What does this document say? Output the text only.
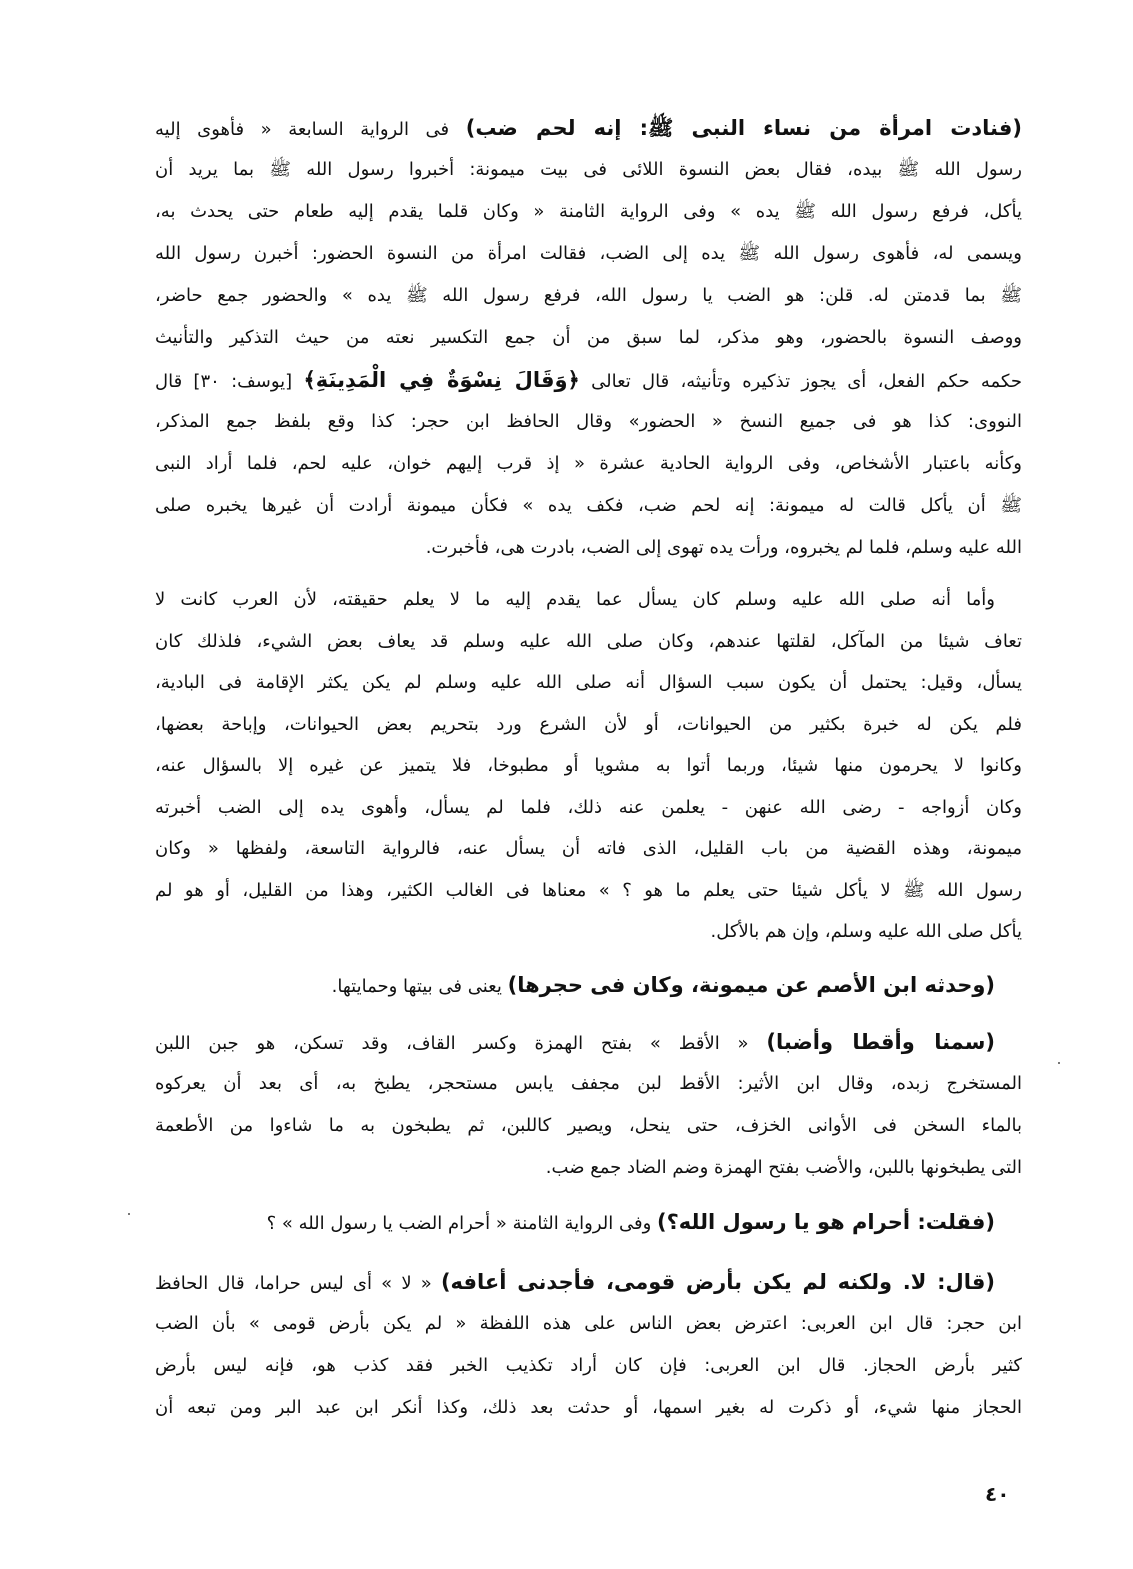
(فنادت امرأة من نساء النبى ﷺ: إنه لحم ضب) فى الرواية السابعة « فأهوى إليه
رسول الله ﷺ بيده، فقال بعض النسوة اللائى فى بيت ميمونة: أخبروا رسول الله ﷺ بما يريد أن
يأكل، فرفع رسول الله ﷺ يده » وفى الرواية الثامنة « وكان قلما يقدم إليه طعام حتى يحدث به،
ويسمى له، فأهوى رسول الله ﷺ يده إلى الضب، فقالت امرأة من النسوة الحضور: أخبرن رسول الله
ﷺ بما قدمتن له. قلن: هو الضب يا رسول الله، فرفع رسول الله ﷺ يده » والحضور جمع حاضر،
ووصف النسوة بالحضور، وهو مذكر، لما سبق من أن جمع التكسير نعته من حيث التذكير والتأنيث
حكمه حكم الفعل، أى يجوز تذكيره وتأنيثه، قال تعالى ﴿وَقَالَ نِسْوَةٌ فِي الْمَدِينَةِ﴾ [يوسف: ٣٠] قال
النووى: كذا هو فى جميع النسخ « الحضور» وقال الحافظ ابن حجر: كذا وقع بلفظ جمع المذكر،
وكأنه باعتبار الأشخاص، وفى الرواية الحادية عشرة « إذ قرب إليهم خوان، عليه لحم، فلما أراد النبى
ﷺ أن يأكل قالت له ميمونة: إنه لحم ضب، فكف يده » فكأن ميمونة أرادت أن غيرها يخبره صلى
الله عليه وسلم، فلما لم يخبروه، ورأت يده تهوى إلى الضب، بادرت هى، فأخبرت.
وأما أنه صلى الله عليه وسلم كان يسأل عما يقدم إليه ما لا يعلم حقيقته، لأن العرب كانت لا
تعاف شيئا من المآكل، لقلتها عندهم، وكان صلى الله عليه وسلم قد يعاف بعض الشيء، فلذلك كان
يسأل، وقيل: يحتمل أن يكون سبب السؤال أنه صلى الله عليه وسلم لم يكن يكثر الإقامة فى البادية،
فلم يكن له خبرة بكثير من الحيوانات، أو لأن الشرع ورد بتحريم بعض الحيوانات، وإباحة بعضها،
وكانوا لا يحرمون منها شيئا، وربما أتوا به مشويا أو مطبوخا، فلا يتميز عن غيره إلا بالسؤال عنه،
وكان أزواجه - رضى الله عنهن - يعلمن عنه ذلك، فلما لم يسأل، وأهوى يده إلى الضب أخبرته
ميمونة، وهذه القضية من باب القليل، الذى فاته أن يسأل عنه، فالرواية التاسعة، ولفظها « وكان
رسول الله ﷺ لا يأكل شيئا حتى يعلم ما هو ؟ » معناها فى الغالب الكثير، وهذا من القليل، أو هو لم
يأكل صلى الله عليه وسلم، وإن هم بالأكل.
(وحدثه ابن الأصم عن ميمونة، وكان فى حجرها) يعنى فى بيتها وحمايتها.
(سمنا وأقطا وأضبا) « الأقط » بفتح الهمزة وكسر القاف، وقد تسكن، هو جبن اللبن
المستخرج زبده، وقال ابن الأثير: الأقط لبن مجفف يابس مستحجر، يطبخ به، أى بعد أن يعركوه
بالماء السخن فى الأوانى الخزف، حتى ينحل، ويصير كاللبن، ثم يطبخون به ما شاءوا من الأطعمة
التى يطبخونها باللبن، والأضب بفتح الهمزة وضم الضاد جمع ضب.
(فقلت: أحرام هو يا رسول الله؟) وفى الرواية الثامنة « أحرام الضب يا رسول الله » ؟
(قال: لا. ولكنه لم يكن بأرض قومى، فأجدنى أعافه) « لا » أى ليس حراما، قال الحافظ
ابن حجر: قال ابن العربى: اعترض بعض الناس على هذه اللفظة « لم يكن بأرض قومى » بأن الضب
كثير بأرض الحجاز. قال ابن العربى: فإن كان أراد تكذيب الخبر فقد كذب هو، فإنه ليس بأرض
الحجاز منها شيء، أو ذكرت له بغير اسمها، أو حدثت بعد ذلك، وكذا أنكر ابن عبد البر ومن تبعه أن
٤٠
